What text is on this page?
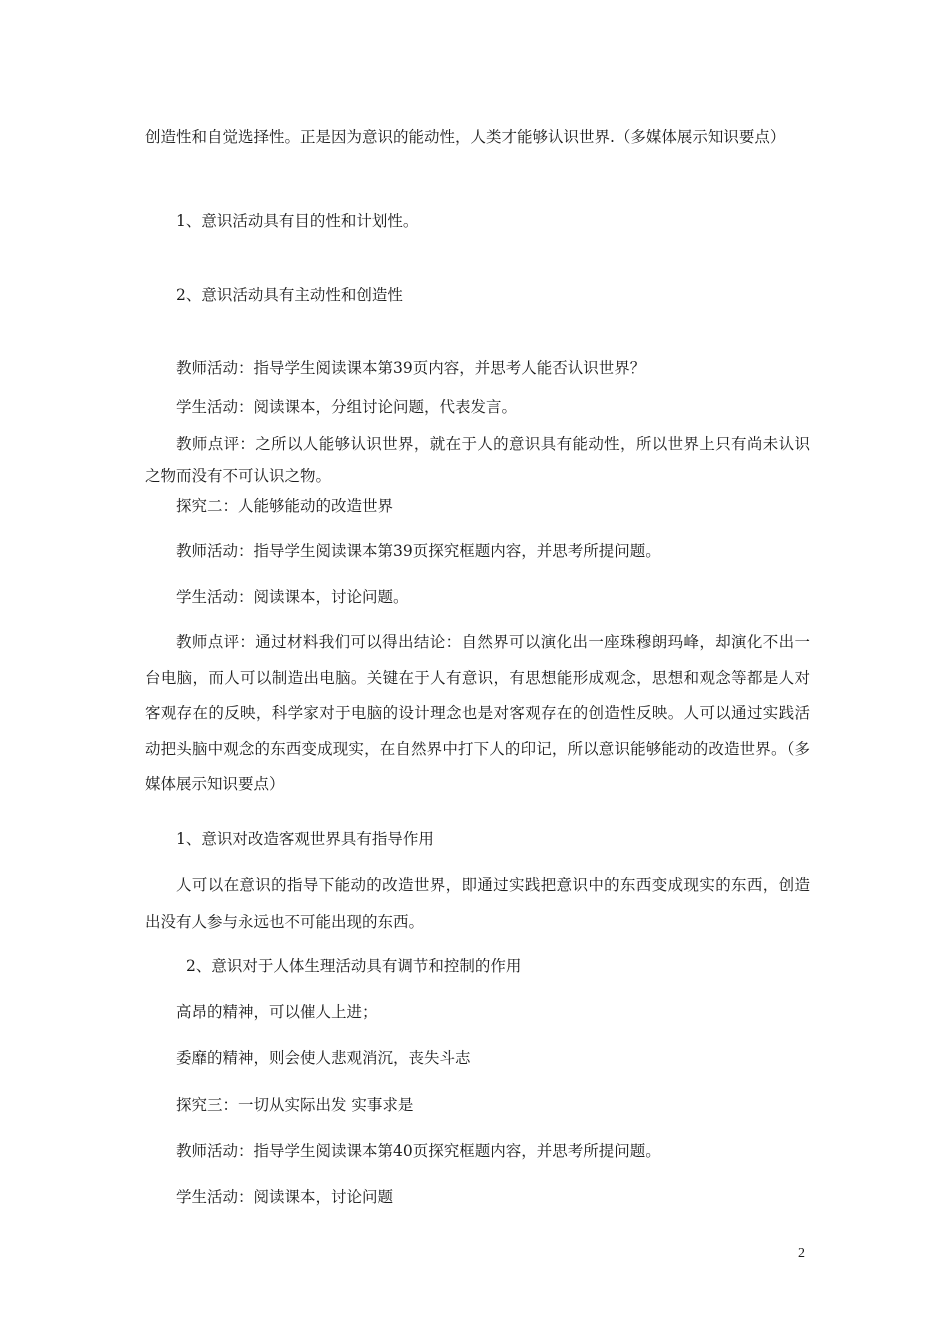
创造性和自觉选择性。正是因为意识的能动性，人类才能够认识世界.（多媒体展示知识要点）

1、意识活动具有目的性和计划性。

2、意识活动具有主动性和创造性

教师活动：指导学生阅读课本第39页内容，并思考人能否认识世界？

学生活动：阅读课本，分组讨论问题，代表发言。

教师点评：之所以人能够认识世界，就在于人的意识具有能动性，所以世界上只有尚未认识之物而没有不可认识之物。

探究二：人能够能动的改造世界

教师活动：指导学生阅读课本第39页探究框题内容，并思考所提问题。

学生活动：阅读课本，讨论问题。

教师点评：通过材料我们可以得出结论：自然界可以演化出一座珠穆朗玛峰，却演化不出一台电脑，而人可以制造出电脑。关键在于人有意识，有思想能形成观念，思想和观念等都是人对客观存在的反映，科学家对于电脑的设计理念也是对客观存在的创造性反映。人可以通过实践活动把头脑中观念的东西变成现实，在自然界中打下人的印记，所以意识能够能动的改造世界。（多媒体展示知识要点）

1、意识对改造客观世界具有指导作用

人可以在意识的指导下能动的改造世界，即通过实践把意识中的东西变成现实的东西，创造出没有人参与永远也不可能出现的东西。

2、意识对于人体生理活动具有调节和控制的作用

高昂的精神，可以催人上进；

委靡的精神，则会使人悲观消沉，丧失斗志

探究三：一切从实际出发 实事求是

教师活动：指导学生阅读课本第40页探究框题内容，并思考所提问题。

学生活动：阅读课本，讨论问题

2
